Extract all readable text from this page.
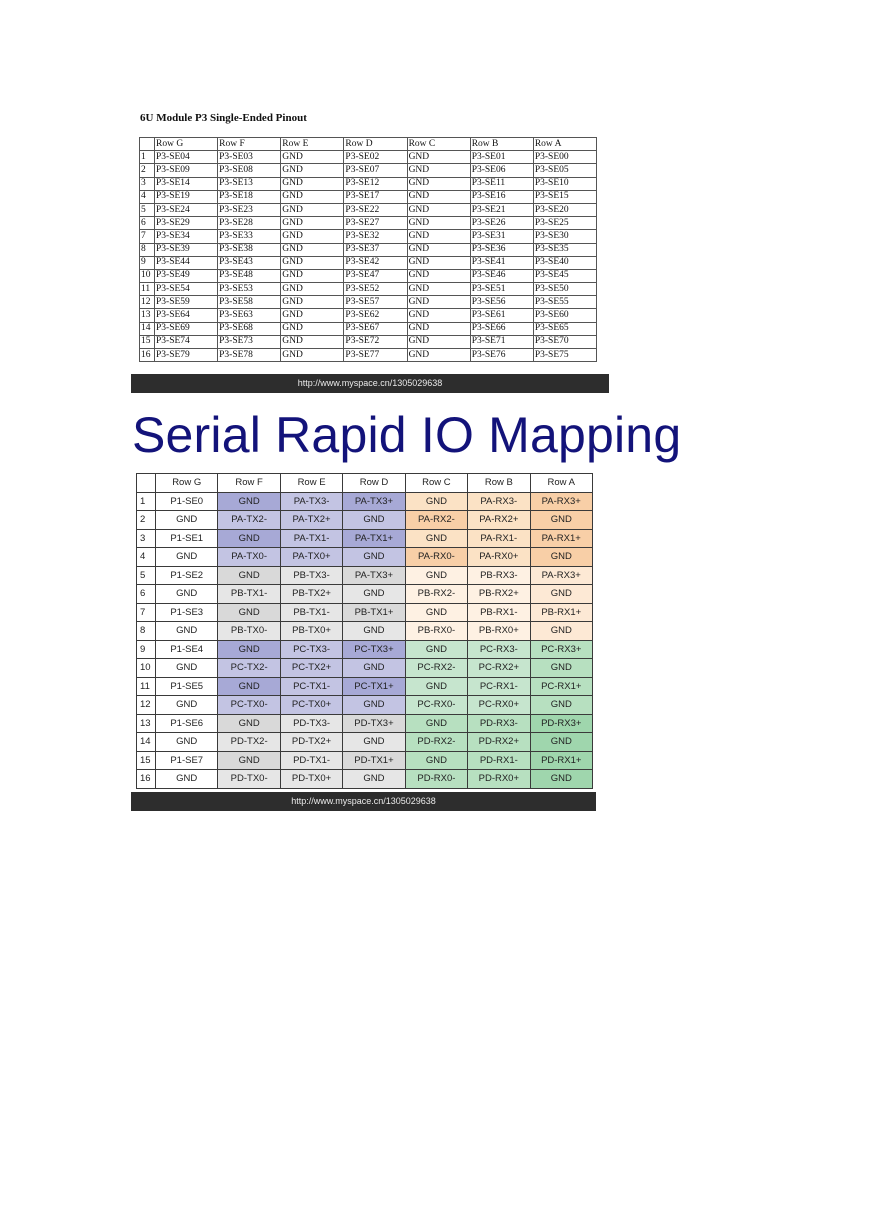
6U Module P3 Single-Ended Pinout
	Row G	Row F	Row E	Row D	Row C	Row B	Row A
1	P3-SE04	P3-SE03	GND	P3-SE02	GND	P3-SE01	P3-SE00
2	P3-SE09	P3-SE08	GND	P3-SE07	GND	P3-SE06	P3-SE05
3	P3-SE14	P3-SE13	GND	P3-SE12	GND	P3-SE11	P3-SE10
4	P3-SE19	P3-SE18	GND	P3-SE17	GND	P3-SE16	P3-SE15
5	P3-SE24	P3-SE23	GND	P3-SE22	GND	P3-SE21	P3-SE20
6	P3-SE29	P3-SE28	GND	P3-SE27	GND	P3-SE26	P3-SE25
7	P3-SE34	P3-SE33	GND	P3-SE32	GND	P3-SE31	P3-SE30
8	P3-SE39	P3-SE38	GND	P3-SE37	GND	P3-SE36	P3-SE35
9	P3-SE44	P3-SE43	GND	P3-SE42	GND	P3-SE41	P3-SE40
10	P3-SE49	P3-SE48	GND	P3-SE47	GND	P3-SE46	P3-SE45
11	P3-SE54	P3-SE53	GND	P3-SE52	GND	P3-SE51	P3-SE50
12	P3-SE59	P3-SE58	GND	P3-SE57	GND	P3-SE56	P3-SE55
13	P3-SE64	P3-SE63	GND	P3-SE62	GND	P3-SE61	P3-SE60
14	P3-SE69	P3-SE68	GND	P3-SE67	GND	P3-SE66	P3-SE65
15	P3-SE74	P3-SE73	GND	P3-SE72	GND	P3-SE71	P3-SE70
16	P3-SE79	P3-SE78	GND	P3-SE77	GND	P3-SE76	P3-SE75
http://www.myspace.cn/1305029638
Serial Rapid IO Mapping
	Row G	Row F	Row E	Row D	Row C	Row B	Row A
1	P1-SE0	GND	PA-TX3-	PA-TX3+	GND	PA-RX3-	PA-RX3+
2	GND	PA-TX2-	PA-TX2+	GND	PA-RX2-	PA-RX2+	GND
3	P1-SE1	GND	PA-TX1-	PA-TX1+	GND	PA-RX1-	PA-RX1+
4	GND	PA-TX0-	PA-TX0+	GND	PA-RX0-	PA-RX0+	GND
5	P1-SE2	GND	PB-TX3-	PA-TX3+	GND	PB-RX3-	PA-RX3+
6	GND	PB-TX1-	PB-TX2+	GND	PB-RX2-	PB-RX2+	GND
7	P1-SE3	GND	PB-TX1-	PB-TX1+	GND	PB-RX1-	PB-RX1+
8	GND	PB-TX0-	PB-TX0+	GND	PB-RX0-	PB-RX0+	GND
9	P1-SE4	GND	PC-TX3-	PC-TX3+	GND	PC-RX3-	PC-RX3+
10	GND	PC-TX2-	PC-TX2+	GND	PC-RX2-	PC-RX2+	GND
11	P1-SE5	GND	PC-TX1-	PC-TX1+	GND	PC-RX1-	PC-RX1+
12	GND	PC-TX0-	PC-TX0+	GND	PC-RX0-	PC-RX0+	GND
13	P1-SE6	GND	PD-TX3-	PD-TX3+	GND	PD-RX3-	PD-RX3+
14	GND	PD-TX2-	PD-TX2+	GND	PD-RX2-	PD-RX2+	GND
15	P1-SE7	GND	PD-TX1-	PD-TX1+	GND	PD-RX1-	PD-RX1+
16	GND	PD-TX0-	PD-TX0+	GND	PD-RX0-	PD-RX0+	GND
http://www.myspace.cn/1305029638
